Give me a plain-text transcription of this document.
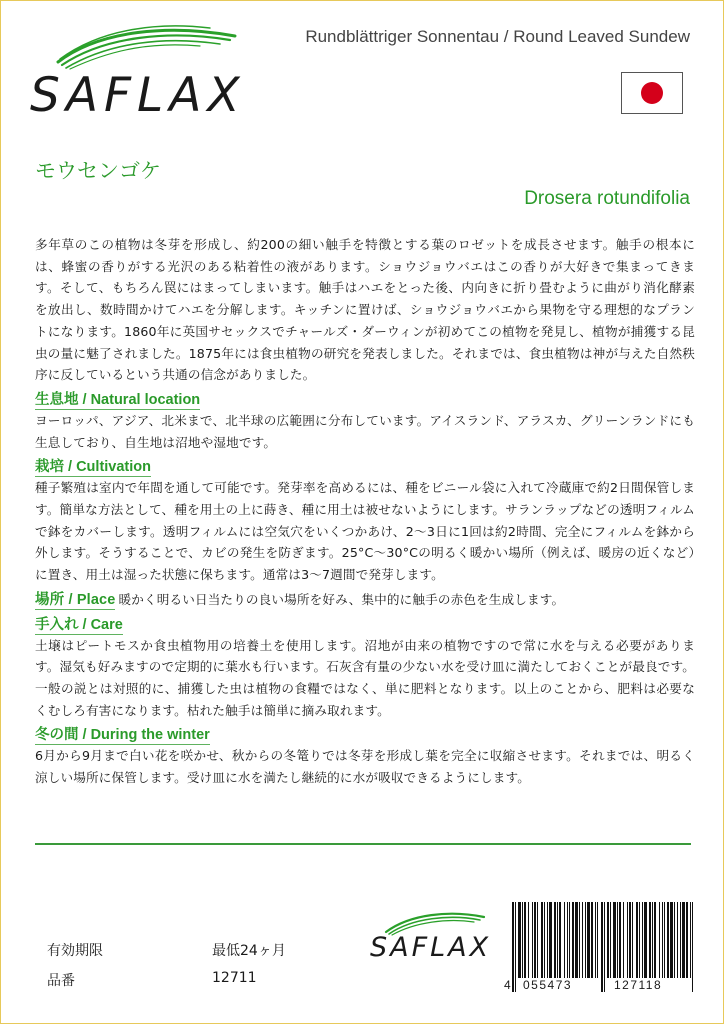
SAFLAX
Rundblättriger Sonnentau / Round Leaved Sundew
モウセンゴケ
Drosera rotundifolia

多年草のこの植物は冬芽を形成し、約200の細い触手を特徴とする葉のロゼットを成長させます。触手の根本には、蜂蜜の香りがする光沢のある粘着性の液があります。ショウジョウバエはこの香りが大好きで集まってきます。そして、もちろん罠にはまってしまいます。触手はハエをとった後、内向きに折り畳むように曲がり消化酵素を放出し、数時間かけてハエを分解します。キッチンに置けば、ショウジョウバエから果物を守る理想的なプラントになります。1860年に英国サセックスでチャールズ・ダーウィンが初めてこの植物を発見し、植物が捕獲する昆虫の量に魅了されました。1875年には食虫植物の研究を発表しました。それまでは、食虫植物は神が与えた自然秩序に反しているという共通の信念がありました。

生息地 / Natural location

ヨーロッパ、アジア、北米まで、北半球の広範囲に分布しています。アイスランド、アラスカ、グリーンランドにも生息しており、自生地は沼地や湿地です。

栽培 / Cultivation

種子繁殖は室内で年間を通して可能です。発芽率を高めるには、種をビニール袋に入れて冷蔵庫で約2日間保管します。簡単な方法として、種を用土の上に蒔き、種に用土は被せないようにします。サランラップなどの透明フィルムで鉢をカバーします。透明フィルムには空気穴をいくつかあけ、2～3日に1回は約2時間、完全にフィルムを鉢から外します。そうすることで、カビの発生を防ぎます。25°C〜30°Cの明るく暖かい場所（例えば、暖房の近くなど）に置き、用土は湿った状態に保ちます。通常は3～7週間で発芽します。

場所 / Place 暖かく明るい日当たりの良い場所を好み、集中的に触手の赤色を生成します。

手入れ / Care

土壌はピートモスか食虫植物用の培養土を使用します。沼地が由来の植物ですので常に水を与える必要があります。湿気も好みますので定期的に葉水も行います。石灰含有量の少ない水を受け皿に満たしておくことが最良です。一般の説とは対照的に、捕獲した虫は植物の食糧ではなく、単に肥料となります。以上のことから、肥料は必要なくむしろ有害になります。枯れた触手は簡単に摘み取れます。

冬の間 / During the winter

6月から9月まで白い花を咲かせ、秋からの冬篭りでは冬芽を形成し葉を完全に収縮させます。それまでは、明るく涼しい場所に保管します。受け皿に水を満たし継続的に水が吸収できるようにします。

有効期限	最低24ヶ月
品番	12711
SAFLAX
4 055473	127118
